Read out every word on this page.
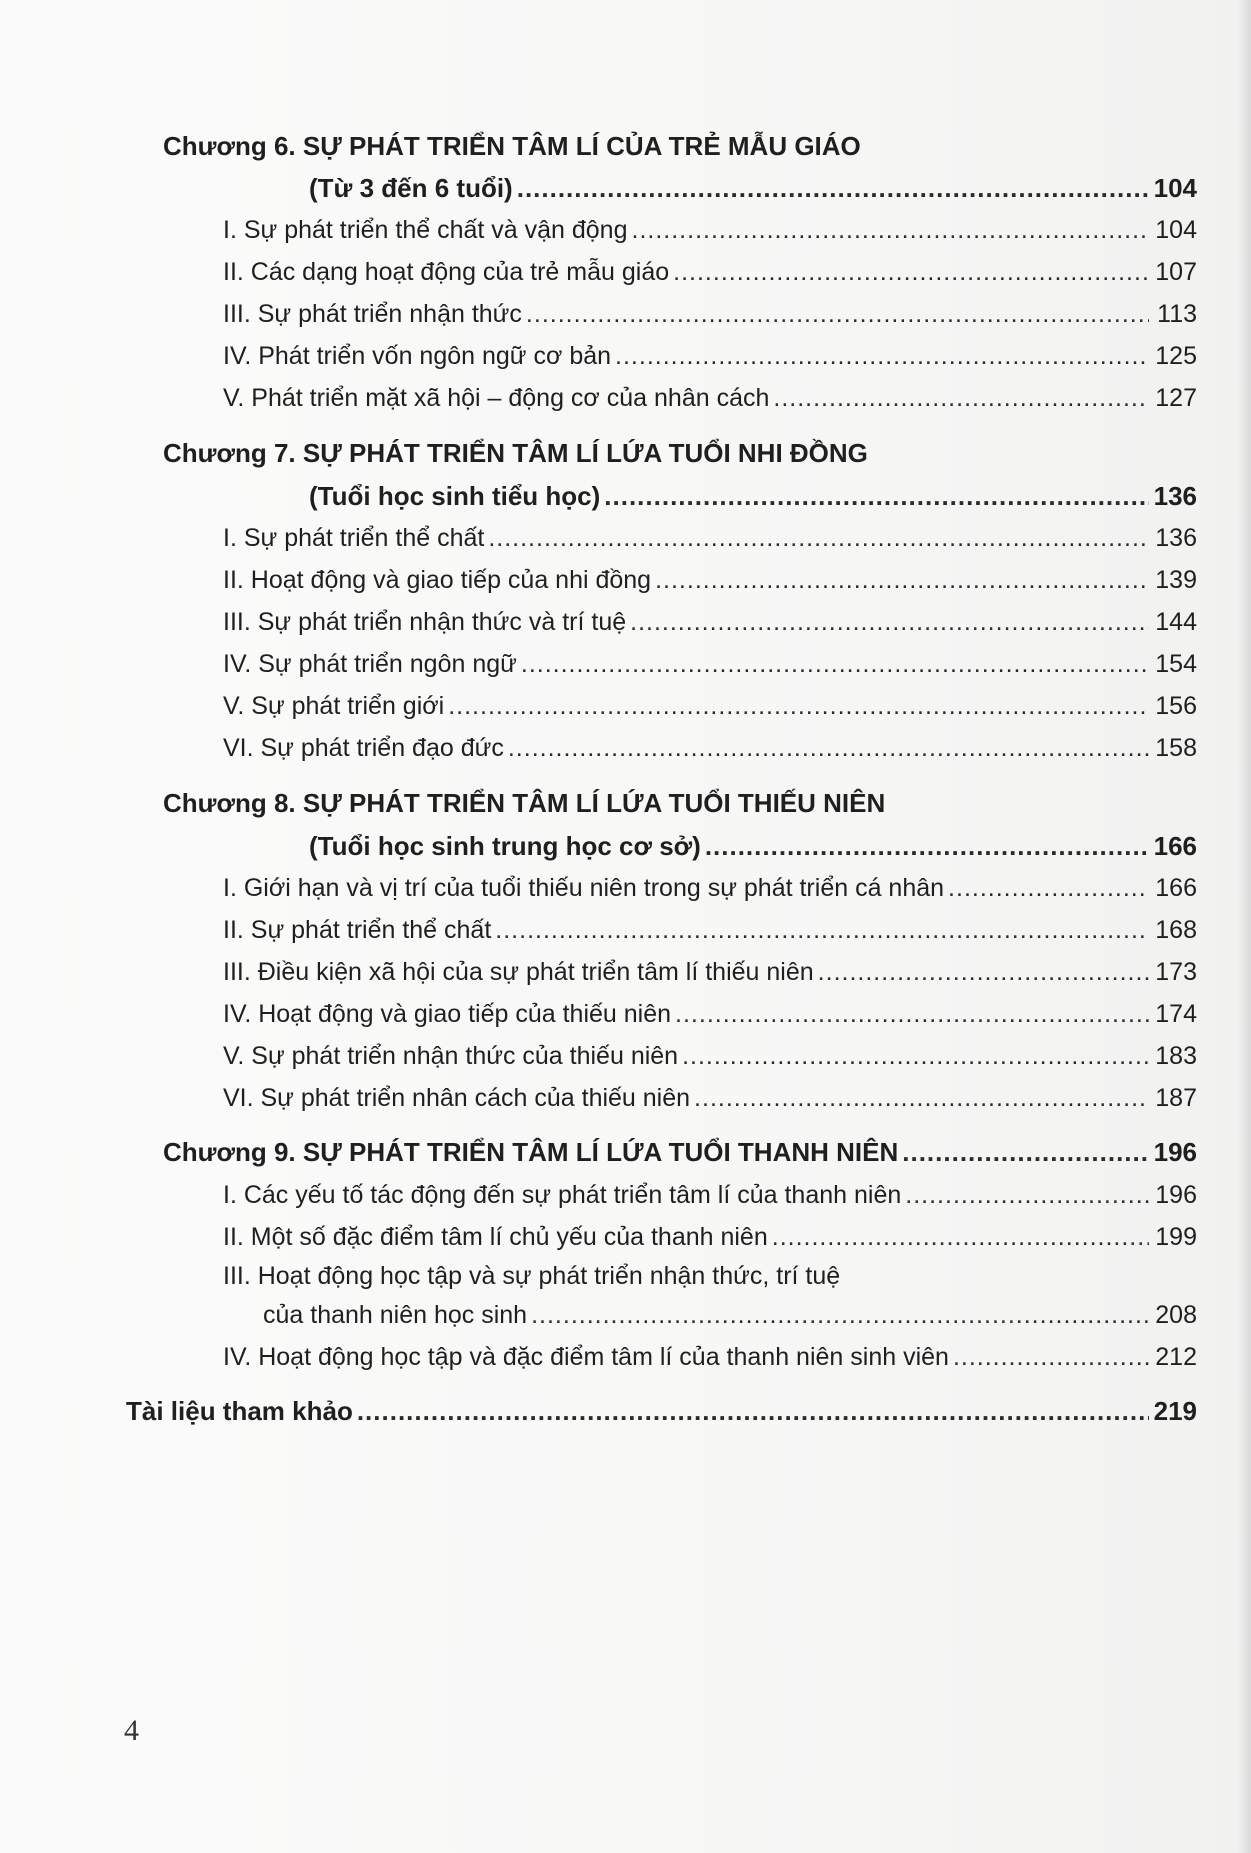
Chương 6. SỰ PHÁT TRIỂN TÂM LÍ CỦA TRẺ MẪU GIÁO
(Từ 3 đến 6 tuổi) .....	104
I. Sự phát triển thể chất và vận động .....	104
II. Các dạng hoạt động của trẻ mẫu giáo .....	107
III. Sự phát triển nhận thức .....	113
IV. Phát triển vốn ngôn ngữ cơ bản .....	125
V. Phát triển mặt xã hội – động cơ của nhân cách .....	127
Chương 7. SỰ PHÁT TRIỂN TÂM LÍ LỨA TUỔI NHI ĐỒNG
(Tuổi học sinh tiểu học) .....	136
I. Sự phát triển thể chất .....	136
II. Hoạt động và giao tiếp của nhi đồng .....	139
III. Sự phát triển nhận thức và trí tuệ .....	144
IV. Sự phát triển ngôn ngữ .....	154
V. Sự phát triển giới .....	156
VI. Sự phát triển đạo đức .....	158
Chương 8. SỰ PHÁT TRIỂN TÂM LÍ LỨA TUỔI THIẾU NIÊN
(Tuổi học sinh trung học cơ sở) .....	166
I. Giới hạn và vị trí của tuổi thiếu niên trong sự phát triển cá nhân .....	166
II. Sự phát triển thể chất .....	168
III. Điều kiện xã hội của sự phát triển tâm lí thiếu niên .....	173
IV. Hoạt động và giao tiếp của thiếu niên .....	174
V. Sự phát triển nhận thức của thiếu niên .....	183
VI. Sự phát triển nhân cách của thiếu niên .....	187
Chương 9. SỰ PHÁT TRIỂN TÂM LÍ LỨA TUỔI THANH NIÊN .....	196
I. Các yếu tố tác động đến sự phát triển tâm lí của thanh niên .....	196
II. Một số đặc điểm tâm lí chủ yếu của thanh niên .....	199
III. Hoạt động học tập và sự phát triển nhận thức, trí tuệ
của thanh niên học sinh .....	208
IV. Hoạt động học tập và đặc điểm tâm lí của thanh niên sinh viên .....	212
Tài liệu tham khảo .....	219
4
